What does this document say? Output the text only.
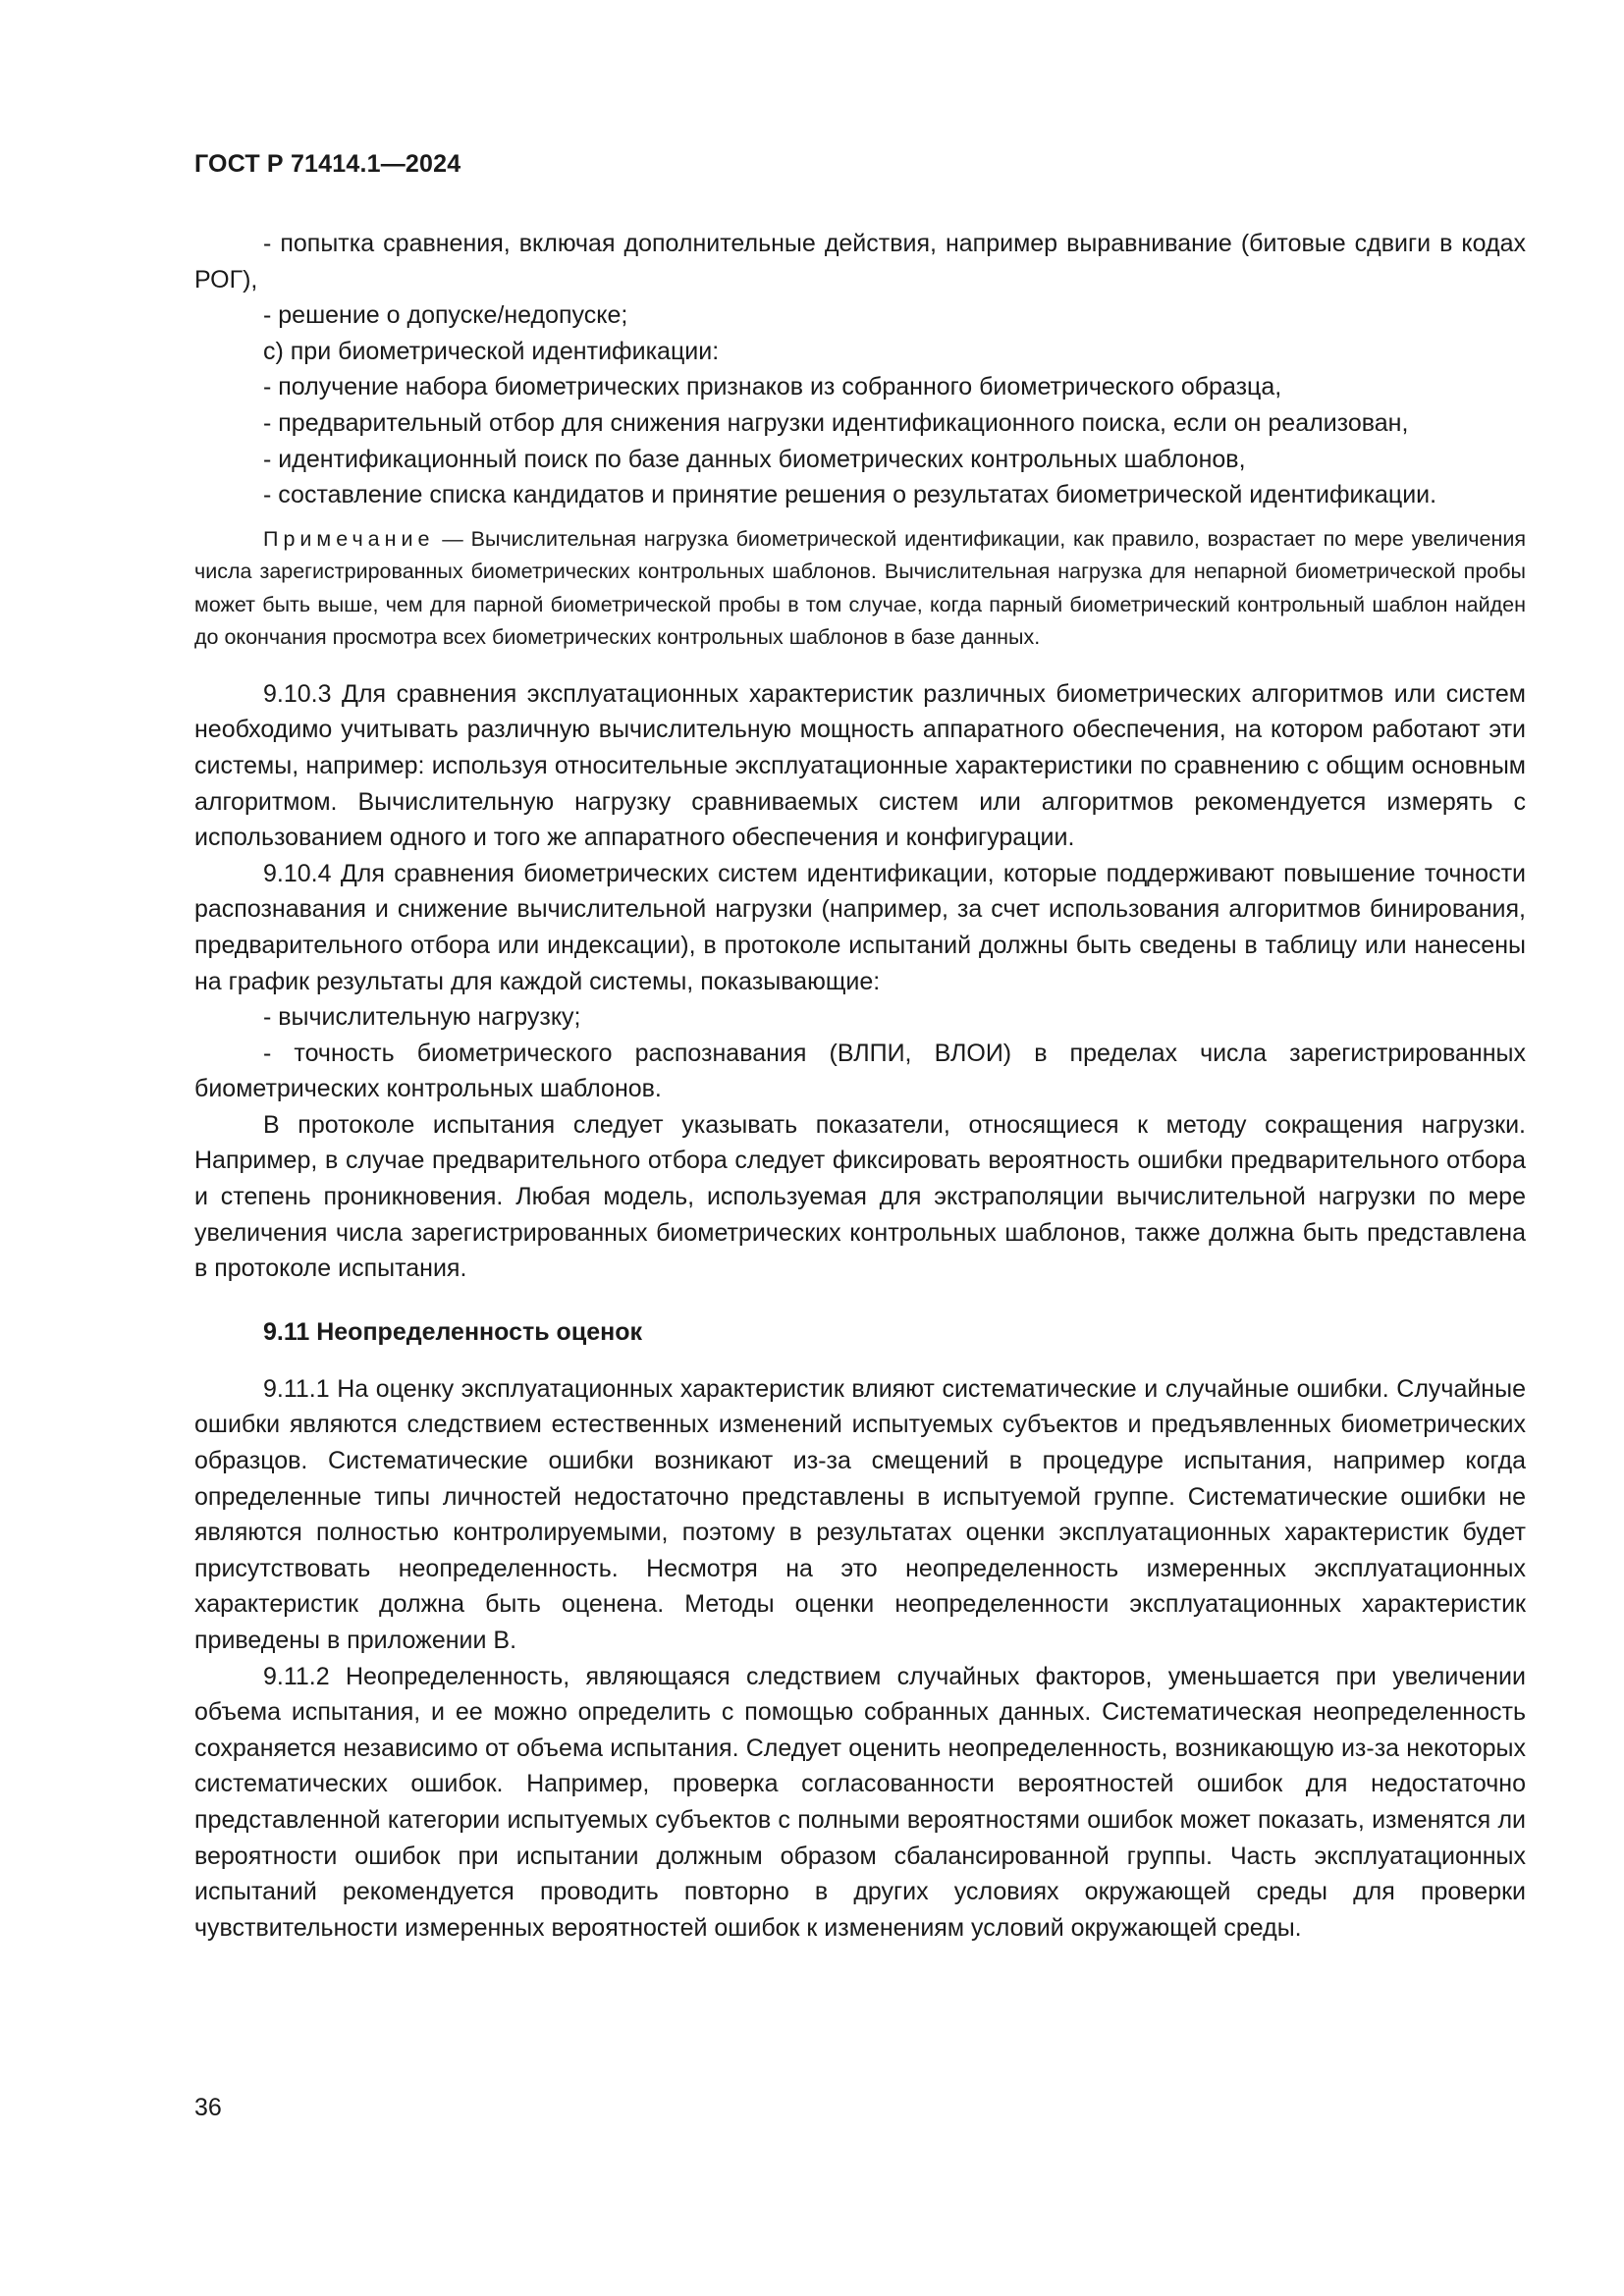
ГОСТ Р 71414.1—2024

- попытка сравнения, включая дополнительные действия, например выравнивание (битовые сдвиги в кодах РОГ),

- решение о допуске/недопуске;

c) при биометрической идентификации:

- получение набора биометрических признаков из собранного биометрического образца,

- предварительный отбор для снижения нагрузки идентификационного поиска, если он реализован,

- идентификационный поиск по базе данных биометрических контрольных шаблонов,

- составление списка кандидатов и принятие решения о результатах биометрической идентификации.

Примечание — Вычислительная нагрузка биометрической идентификации, как правило, возрастает по мере увеличения числа зарегистрированных биометрических контрольных шаблонов. Вычислительная нагрузка для непарной биометрической пробы может быть выше, чем для парной биометрической пробы в том случае, когда парный биометрический контрольный шаблон найден до окончания просмотра всех биометрических контрольных шаблонов в базе данных.

9.10.3 Для сравнения эксплуатационных характеристик различных биометрических алгоритмов или систем необходимо учитывать различную вычислительную мощность аппаратного обеспечения, на котором работают эти системы, например: используя относительные эксплуатационные характеристики по сравнению с общим основным алгоритмом. Вычислительную нагрузку сравниваемых систем или алгоритмов рекомендуется измерять с использованием одного и того же аппаратного обеспечения и конфигурации.

9.10.4 Для сравнения биометрических систем идентификации, которые поддерживают повышение точности распознавания и снижение вычислительной нагрузки (например, за счет использования алгоритмов бинирования, предварительного отбора или индексации), в протоколе испытаний должны быть сведены в таблицу или нанесены на график результаты для каждой системы, показывающие:

- вычислительную нагрузку;

- точность биометрического распознавания (ВЛПИ, ВЛОИ) в пределах числа зарегистрированных биометрических контрольных шаблонов.

В протоколе испытания следует указывать показатели, относящиеся к методу сокращения нагрузки. Например, в случае предварительного отбора следует фиксировать вероятность ошибки предварительного отбора и степень проникновения. Любая модель, используемая для экстраполяции вычислительной нагрузки по мере увеличения числа зарегистрированных биометрических контрольных шаблонов, также должна быть представлена в протоколе испытания.

9.11 Неопределенность оценок

9.11.1 На оценку эксплуатационных характеристик влияют систематические и случайные ошибки. Случайные ошибки являются следствием естественных изменений испытуемых субъектов и предъявленных биометрических образцов. Систематические ошибки возникают из-за смещений в процедуре испытания, например когда определенные типы личностей недостаточно представлены в испытуемой группе. Систематические ошибки не являются полностью контролируемыми, поэтому в результатах оценки эксплуатационных характеристик будет присутствовать неопределенность. Несмотря на это неопределенность измеренных эксплуатационных характеристик должна быть оценена. Методы оценки неопределенности эксплуатационных характеристик приведены в приложении В.

9.11.2 Неопределенность, являющаяся следствием случайных факторов, уменьшается при увеличении объема испытания, и ее можно определить с помощью собранных данных. Систематическая неопределенность сохраняется независимо от объема испытания. Следует оценить неопределенность, возникающую из-за некоторых систематических ошибок. Например, проверка согласованности вероятностей ошибок для недостаточно представленной категории испытуемых субъектов с полными вероятностями ошибок может показать, изменятся ли вероятности ошибок при испытании должным образом сбалансированной группы. Часть эксплуатационных испытаний рекомендуется проводить повторно в других условиях окружающей среды для проверки чувствительности измеренных вероятностей ошибок к изменениям условий окружающей среды.

36
